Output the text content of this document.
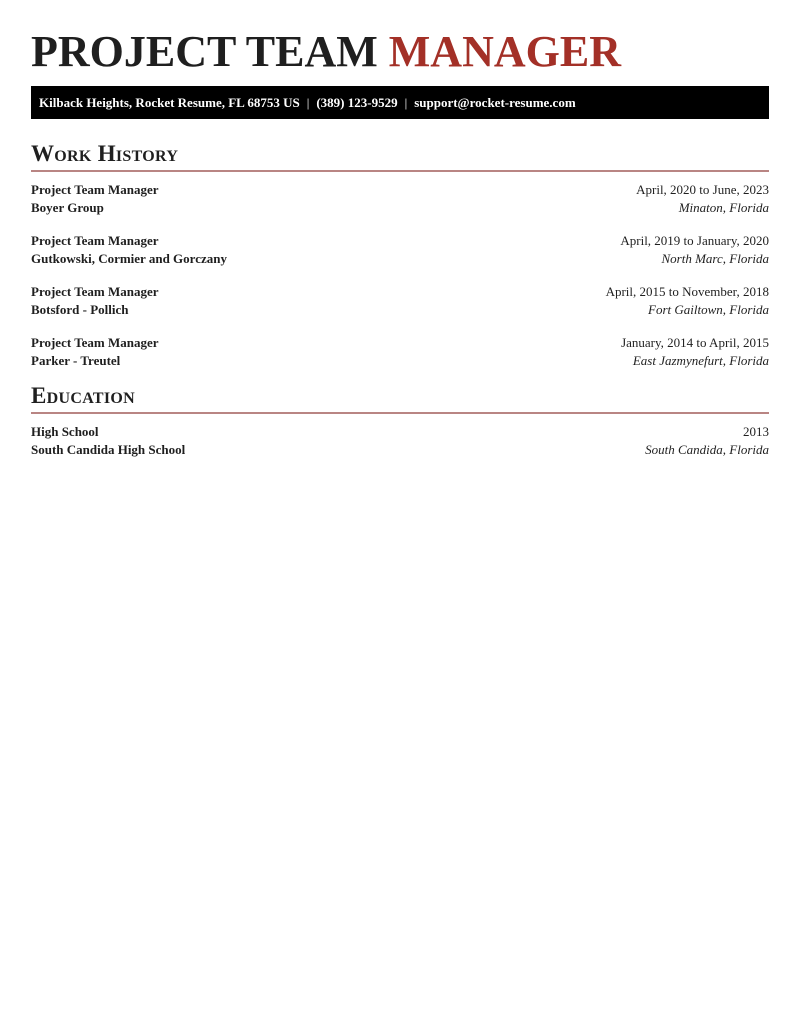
PROJECT TEAM MANAGER
Kilback Heights, Rocket Resume, FL 68753 US | (389) 123-9529 | support@rocket-resume.com
Work History
Project Team Manager	April, 2020 to June, 2023
Boyer Group	Minaton, Florida
Project Team Manager	April, 2019 to January, 2020
Gutkowski, Cormier and Gorczany	North Marc, Florida
Project Team Manager	April, 2015 to November, 2018
Botsford - Pollich	Fort Gailtown, Florida
Project Team Manager	January, 2014 to April, 2015
Parker - Treutel	East Jazmynefurt, Florida
Education
High School	2013
South Candida High School	South Candida, Florida
